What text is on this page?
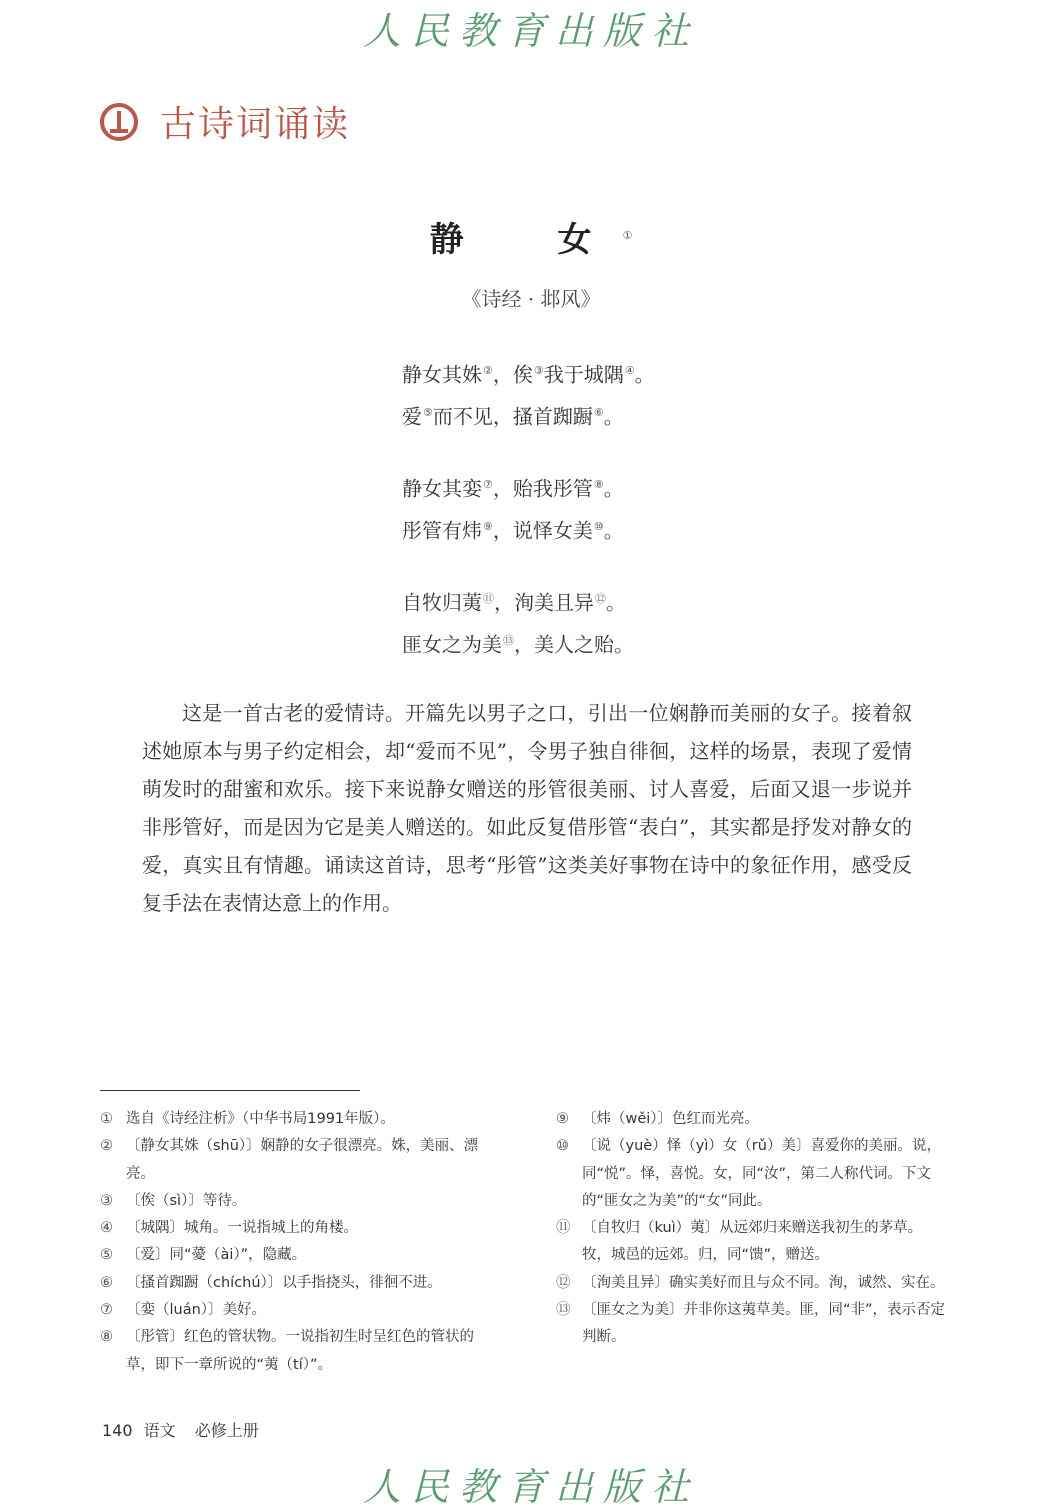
人民教育出版社
古诗词诵读
静　女①
《诗经 · 邶风》
静女其姝②，俟③我于城隅④。
爱⑤而不见，搔首踟蹰⑥。
静女其娈⑦，贻我彤管⑧。
彤管有炜⑨，说怿女美⑩。
自牧归荑⑪，洵美且异⑫。
匪女之为美⑬，美人之贻。
这是一首古老的爱情诗。开篇先以男子之口，引出一位娴静而美丽的女子。接着叙述她原本与男子约定相会，却“爱而不见”，令男子独自徘徊，这样的场景，表现了爱情萌发时的甜蜜和欢乐。接下来说静女赠送的彤管很美丽、讨人喜爱，后面又退一步说并非彤管好，而是因为它是美人赠送的。如此反复借彤管“表白”，其实都是抒发对静女的爱，真实且有情趣。诵读这首诗，思考“彤管”这类美好事物在诗中的象征作用，感受反复手法在表情达意上的作用。
① 选自《诗经注析》（中华书局1991年版）。
② 〔静女其姝（shū）〕娴静的女子很漂亮。姝，美丽、漂亮。
③ 〔俟（sì）〕等待。
④ 〔城隅〕城角。一说指城上的角楼。
⑤ 〔爱〕同“薆（ài）”，隐藏。
⑥ 〔搔首踟蹰（chíchú）〕以手指挠头，徘徊不进。
⑦ 〔娈（luán）〕美好。
⑧ 〔彤管〕红色的管状物。一说指初生时呈红色的管状的草，即下一章所说的“荑（tí）”。
⑨ 〔炜（wěi）〕色红而光亮。
⑩ 〔说（yuè）怿（yì）女（rǔ）美〕喜爱你的美丽。说，同“悦”。怿，喜悦。女，同“汝”，第二人称代词。下文的“匪女之为美”的“女”同此。
⑪ 〔自牧归（kuì）荑〕从远郊归来赠送我初生的茅草。牧，城邑的远郊。归，同“馈”，赠送。
⑫ 〔洵美且异〕确实美好而且与众不同。洵，诚然、实在。
⑬ 〔匪女之为美〕并非你这荑草美。匪，同“非”，表示否定判断。
140 语文 必修上册
人民教育出版社
